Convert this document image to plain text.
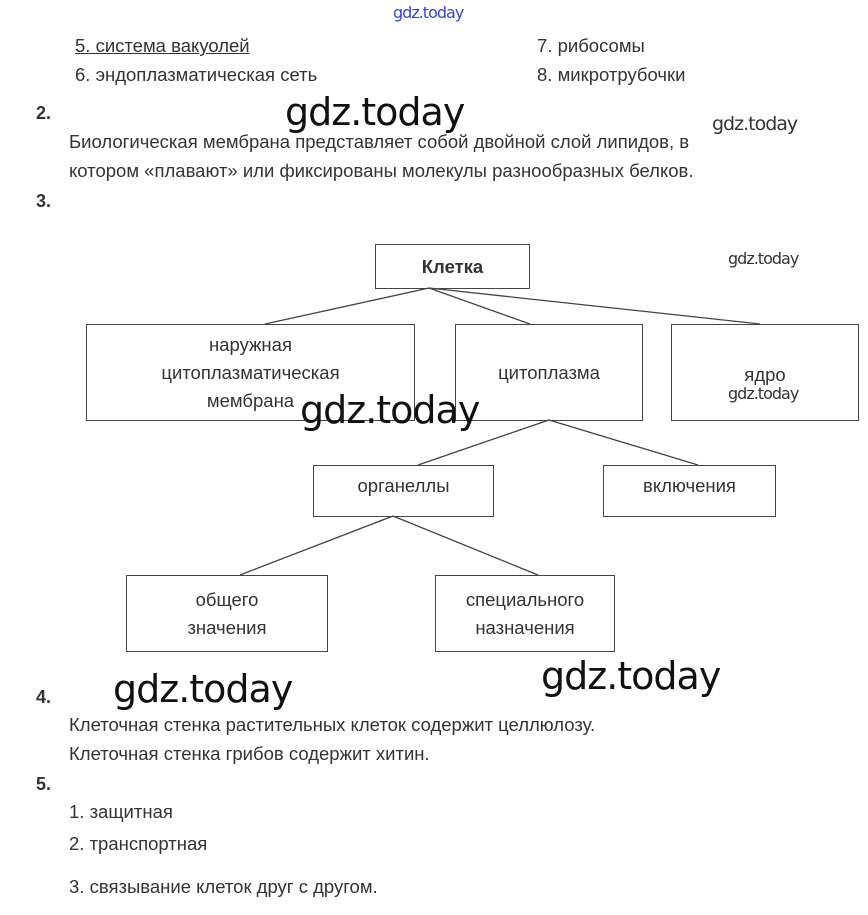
gdz.today
5. система вакуолей
6. эндоплазматическая сеть
7. рибосомы
8. микротрубочки
2.	gdz.today	gdz.today
Биологическая мембрана представляет собой двойной слой липидов, в
котором «плавают» или фиксированы молекулы разнообразных белков.
3.
Клетка	gdz.today
наружная
цитоплазматическая
мембрана
цитоплазма	ядро
gdz.today
gdz.today
органеллы	включения
общего
значения
специального
назначения
gdz.today
gdz.today
4.
Клеточная стенка растительных клеток содержит целлюлозу.
Клеточная стенка грибов содержит хитин.
5.
1. защитная
2. транспортная
3. связывание клеток друг с другом.
